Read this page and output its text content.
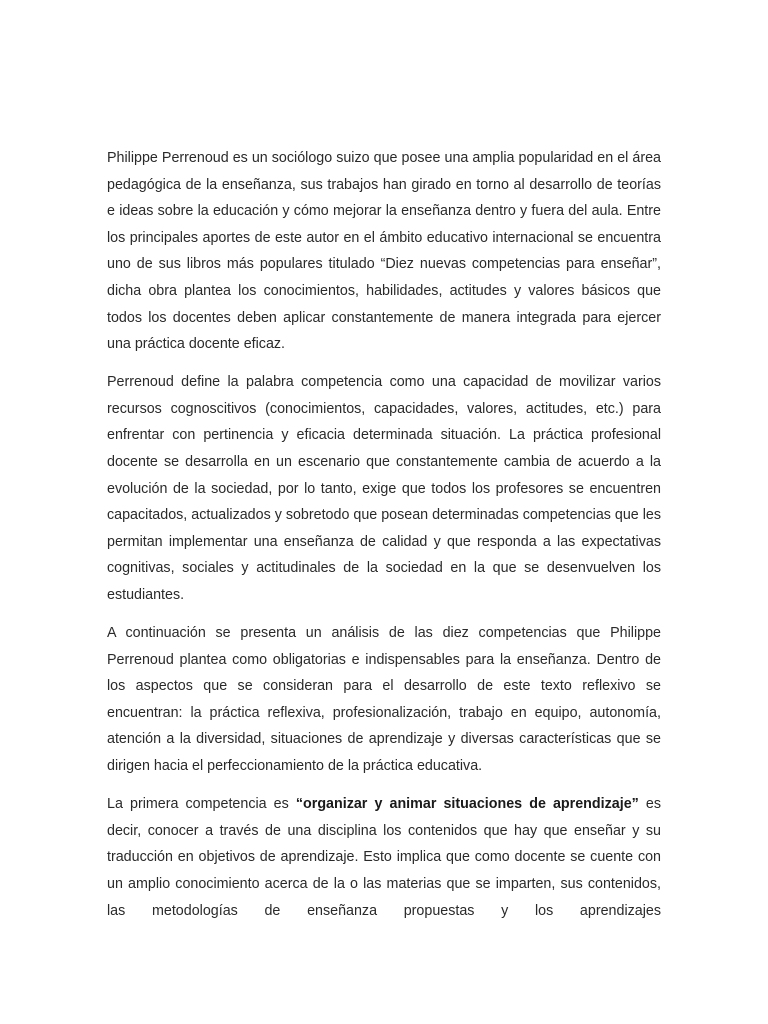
Philippe Perrenoud es un sociólogo suizo que posee una amplia popularidad en el área pedagógica de la enseñanza, sus trabajos han girado en torno al desarrollo de teorías e ideas sobre la educación y cómo mejorar la enseñanza dentro y fuera del aula. Entre los principales aportes de este autor en el ámbito educativo internacional se encuentra uno de sus libros más populares titulado “Diez nuevas competencias para enseñar”, dicha obra plantea los conocimientos, habilidades, actitudes y valores básicos que todos los docentes deben aplicar constantemente de manera integrada para ejercer una práctica docente eficaz.

Perrenoud define la palabra competencia como una capacidad de movilizar varios recursos cognoscitivos (conocimientos, capacidades, valores, actitudes, etc.) para enfrentar con pertinencia y eficacia determinada situación. La práctica profesional docente se desarrolla en un escenario que constantemente cambia de acuerdo a la evolución de la sociedad, por lo tanto, exige que todos los profesores se encuentren capacitados, actualizados y sobretodo que posean determinadas competencias que les permitan implementar una enseñanza de calidad y que responda a las expectativas cognitivas, sociales y actitudinales de la sociedad en la que se desenvuelven los estudiantes.

A continuación se presenta un análisis de las diez competencias que Philippe Perrenoud plantea como obligatorias e indispensables para la enseñanza. Dentro de los aspectos que se consideran para el desarrollo de este texto reflexivo se encuentran: la práctica reflexiva, profesionalización, trabajo en equipo, autonomía, atención a la diversidad, situaciones de aprendizaje y diversas características que se dirigen hacia el perfeccionamiento de la práctica educativa.

La primera competencia es “organizar y animar situaciones de aprendizaje” es decir, conocer a través de una disciplina los contenidos que hay que enseñar y su traducción en objetivos de aprendizaje. Esto implica que como docente se cuente con un amplio conocimiento acerca de la o las materias que se imparten, sus contenidos, las metodologías de enseñanza propuestas y los aprendizajes
